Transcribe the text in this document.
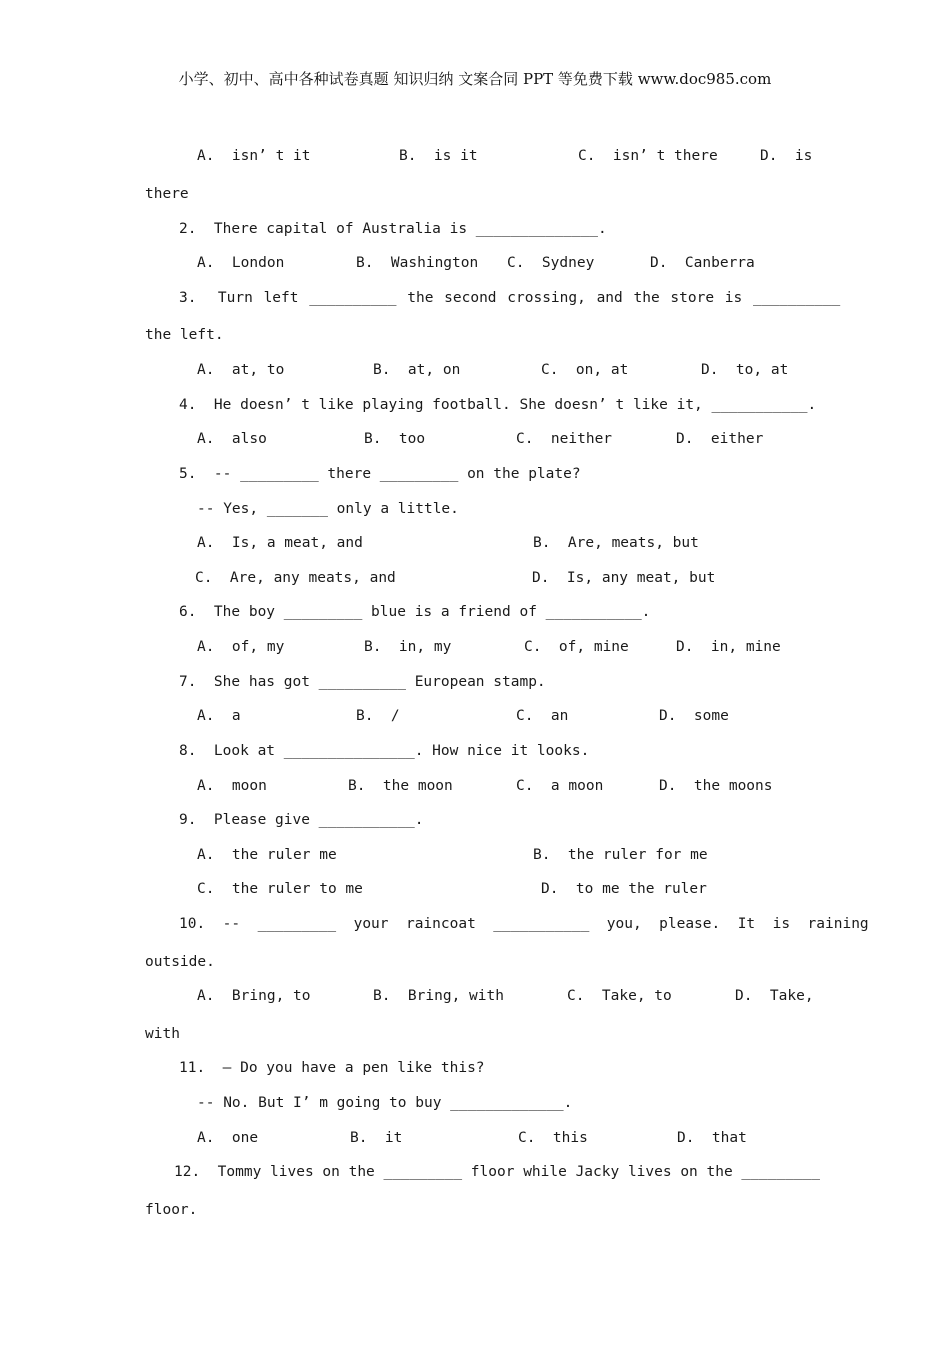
小学、初中、高中各种试卷真题 知识归纳 文案合同 PPT 等免费下载 www.doc985.com
A.  isn’ t it	B.  is it	C.  isn’ t there	D.  is
there
2.  There capital of Australia is ______________.
A.  London	B.  Washington C.  Sydney	D.  Canberra
3.  Turn left __________ the second crossing, and the store is __________
the left.
A.  at, to	B.  at, on	C.  on, at	D.  to, at
4.  He doesn’ t like playing football. She doesn’ t like it, ___________.
A.  also	B.  too	C.  neither	D.  either
5.  -- _________ there _________ on the plate?
-- Yes, _______ only a little.
A.  Is, a meat, and	B.  Are, meats, but
C.  Are, any meats, and	D.  Is, any meat, but
6.  The boy _________ blue is a friend of ___________.
A.  of, my	B.  in, my	C.  of, mine	D.  in, mine
7.  She has got __________ European stamp.
A.  a	B.  /	C.  an	D.  some
8.  Look at _______________. How nice it looks.
A.  moon	B.  the moon	C.  a moon	D.  the moons
9.  Please give ___________.
A.  the ruler me	B.  the ruler for me
C.  the ruler to me	D.  to me the ruler
10.  --  _________  your  raincoat  ___________  you,  please.  It  is  raining
outside.
A.  Bring, to	B.  Bring, with	C.  Take, to	D.  Take,
with
11.  – Do you have a pen like this?
-- No. But I’ m going to buy _____________.
A.  one	B.  it	C.  this	D.  that
12.  Tommy lives on the _________ floor while Jacky lives on the _________
floor.
